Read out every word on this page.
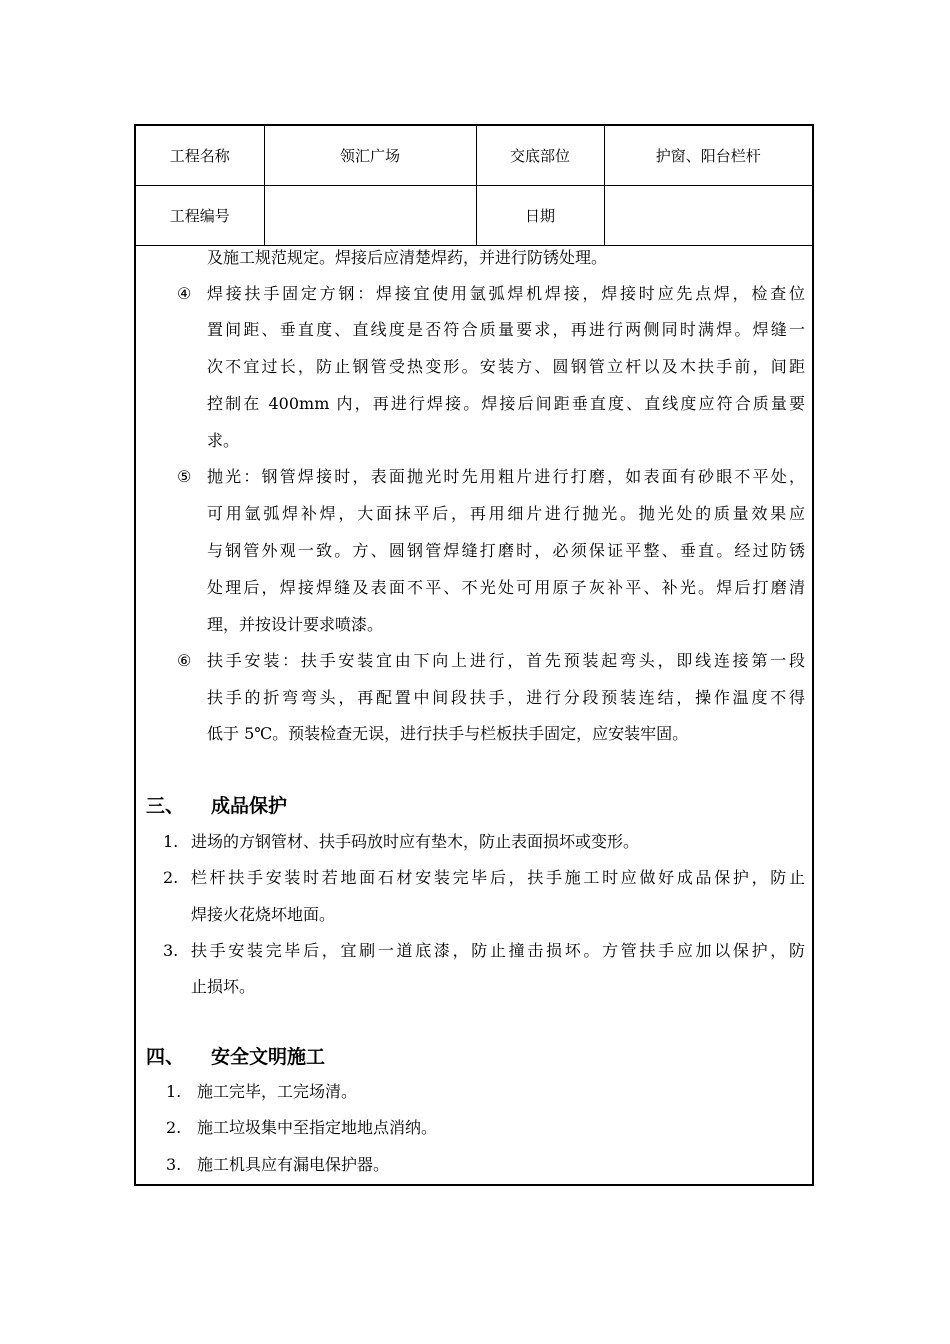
工程名称	领汇广场	交底部位	护窗、阳台栏杆
工程编号		日期	
及施工规范规定。焊接后应清楚焊药，并进行防锈处理。
④ 焊接扶手固定方钢：焊接宜使用氩弧焊机焊接，焊接时应先点焊，检查位
置间距、垂直度、直线度是否符合质量要求，再进行两侧同时满焊。焊缝一
次不宜过长，防止钢管受热变形。安装方、圆钢管立杆以及木扶手前，间距
控制在 400mm 内，再进行焊接。焊接后间距垂直度、直线度应符合质量要
求。
⑤ 抛光：钢管焊接时，表面抛光时先用粗片进行打磨，如表面有砂眼不平处，
可用氩弧焊补焊，大面抹平后，再用细片进行抛光。抛光处的质量效果应
与钢管外观一致。方、圆钢管焊缝打磨时，必须保证平整、垂直。经过防锈
处理后，焊接焊缝及表面不平、不光处可用原子灰补平、补光。焊后打磨清
理，并按设计要求喷漆。
⑥ 扶手安装：扶手安装宜由下向上进行，首先预装起弯头，即线连接第一段
扶手的折弯弯头，再配置中间段扶手，进行分段预装连结，操作温度不得
低于 5℃。预装检查无误，进行扶手与栏板扶手固定，应安装牢固。
三、 成品保护
1. 进场的方钢管材、扶手码放时应有垫木，防止表面损坏或变形。
2. 栏杆扶手安装时若地面石材安装完毕后，扶手施工时应做好成品保护，防止
焊接火花烧坏地面。
3. 扶手安装完毕后，宜刷一道底漆，防止撞击损坏。方管扶手应加以保护，防
止损坏。
四、 安全文明施工
1. 施工完毕，工完场清。
2. 施工垃圾集中至指定地地点消纳。
3. 施工机具应有漏电保护器。
